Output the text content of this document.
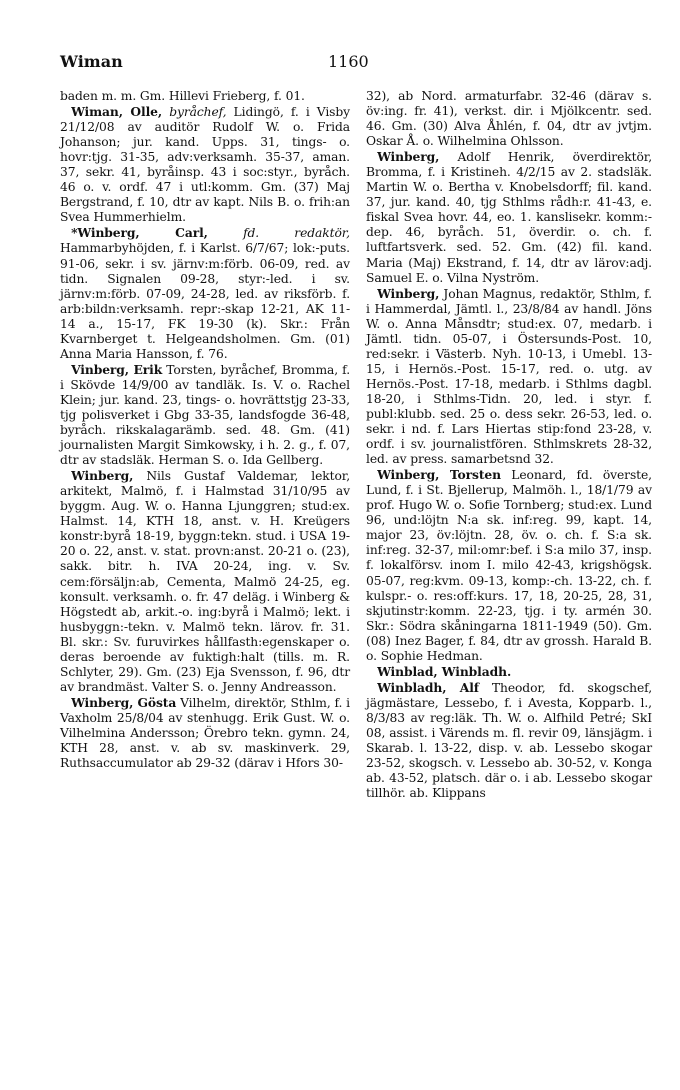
Wiman	1160

baden m. m. Gm. Hillevi Frieberg, f. 01.

Wiman, Olle, byråchef, Lidingö, f. i Visby 21/12/08 av auditör Rudolf W. o. Frida Johanson; jur. kand. Upps. 31, tings- o. hovr:tjg. 31-35, adv:verksamh. 35-37, aman. 37, sekr. 41, byråinsp. 43 i soc:styr., byråch. 46 o. v. ordf. 47 i utl:komm. Gm. (37) Maj Bergstrand, f. 10, dtr av kapt. Nils B. o. frih:an Svea Hummerhielm.

*Winberg, Carl,	fd. redaktör, Hammarbyhöjden, f. i Karlst. 6/7/67; lok:-puts. 91-06, sekr. i sv. järnv:m:förb. 06-09, red. av tidn. Signalen 09-28, styr:-led. i sv. järnv:m:förb. 07-09, 24-28, led. av riksförb. f. arb:bildn:verksamh. repr:-skap 12-21, AK 11-14 a., 15-17, FK 19-30 (k). Skr.: Från Kvarnberget t. Helgeandsholmen. Gm. (01) Anna Maria Hansson, f. 76.

Vinberg, Erik Torsten, byråchef, Bromma, f. i Skövde 14/9/00 av tandläk. Is. V. o. Rachel Klein; jur. kand. 23, tings- o. hovrättstjg 23-33, tjg polisverket i Gbg 33-35, landsfogde 36-48, byråch. rikskalagarämb. sed. 48. Gm. (41) journalisten Margit Simkowsky, i h. 2. g., f. 07, dtr av stadsläk. Herman S. o. Ida Gellberg.

Winberg, Nils Gustaf Valdemar, lektor, arkitekt, Malmö, f. i Halmstad 31/10/95 av byggm. Aug. W. o. Hanna Ljunggren; stud:ex. Halmst. 14, KTH 18, anst. v. H. Kreügers konstr:byrå 18-19, byggn:tekn. stud. i USA 19-20 o. 22, anst. v. stat. provn:anst. 20-21 o. (23), sakk. bitr. h. IVA 20-24, ing. v. Sv. cem:försäljn:ab, Cementa, Malmö 24-25, eg. konsult. verksamh. o. fr. 47 deläg. i Winberg & Högstedt ab, arkit.-o. ing:byrå i Malmö; lekt. i husbyggn:-tekn. v. Malmö tekn. lärov. fr. 31. Bl. skr.: Sv. furuvirkes hållfasth:egenskaper o. deras beroende av fuktigh:halt (tills. m. R. Schlyter, 29). Gm. (23) Eja Svensson, f. 96, dtr av brandmäst. Valter S. o. Jenny Andreasson.

Winberg, Gösta Vilhelm, direktör, Sthlm, f. i Vaxholm 25/8/04 av stenhugg. Erik Gust. W. o. Vilhelmina Andersson; Örebro tekn. gymn. 24, KTH 28, anst. v. ab sv. maskinverk. 29, Ruthsaccumulator ab 29-32 (därav i Hfors 30-

32), ab Nord. armaturfabr. 32-46 (därav s. öv:ing. fr. 41), verkst. dir. i Mjölkcentr. sed. 46. Gm. (30) Alva Åhlén, f. 04, dtr av jvtjm. Oskar Å. o. Wilhelmina Ohlsson.

Winberg, Adolf Henrik, överdirektör, Bromma, f. i Kristineh. 4/2/15 av 2. stadsläk. Martin W. o. Bertha v. Knobelsdorff; fil. kand. 37, jur. kand. 40, tjg Sthlms rådh:r. 41-43, e. fiskal Svea hovr. 44, eo. 1. kanslisekr. komm:-dep. 46, byråch. 51, överdir. o. ch. f. luftfartsverk. sed. 52. Gm. (42) fil. kand. Maria (Maj) Ekstrand, f. 14, dtr av lärov:adj. Samuel E. o. Vilna Nyström.

Winberg, Johan Magnus, redaktör, Sthlm, f. i Hammerdal, Jämtl. l., 23/8/84 av handl. Jöns W. o. Anna Månsdtr; stud:ex. 07, medarb. i Jämtl. tidn. 05-07, i Östersunds-Post. 10, red:sekr. i Västerb. Nyh. 10-13, i Umebl. 13-15, i Hernös.-Post. 15-17, red. o. utg. av Hernös.-Post. 17-18, medarb. i Sthlms dagbl. 18-20, i Sthlms-Tidn. 20, led. i styr. f. publ:klubb. sed. 25 o. dess sekr. 26-53, led. o. sekr. i nd. f. Lars Hiertas stip:fond 23-28, v. ordf. i sv. journalistfören. Sthlmskrets 28-32, led. av press. samarbetsnd 32.

Winberg, Torsten Leonard, fd. överste, Lund, f. i St. Bjellerup, Malmöh. l., 18/1/79 av prof. Hugo W. o. Sofie Tornberg; stud:ex. Lund 96, und:löjtn N:a sk. inf:reg. 99, kapt. 14, major 23, öv:löjtn. 28, öv. o. ch. f. S:a sk. inf:reg. 32-37, mil:omr:bef. i S:a milo 37, insp. f. lokalförsv. inom I. milo 42-43, krigshögsk. 05-07, reg:kvm. 09-13, komp:-ch. 13-22, ch. f. kulspr.- o. res:off:kurs. 17, 18, 20-25, 28, 31, skjutinstr:komm. 22-23, tjg. i ty. armén 30. Skr.: Södra skåningarna 1811-1949 (50). Gm. (08) Inez Bager, f. 84, dtr av grossh. Harald B. o. Sophie Hedman.

Winblad, Winbladh.

Winbladh, Alf Theodor, fd. skogschef, jägmästare, Lessebo, f. i Avesta, Kopparb. l., 8/3/83 av reg:läk. Th. W. o. Alfhild Petré; SkI 08, assist. i Värends m. fl. revir 09, länsjägm. i Skarab. l. 13-22, disp. v. ab. Lessebo skogar 23-52, skogsch. v. Lessebo ab. 30-52, v. Konga ab. 43-52, platsch. där o. i ab. Lessebo skogar tillhör. ab. Klippans
